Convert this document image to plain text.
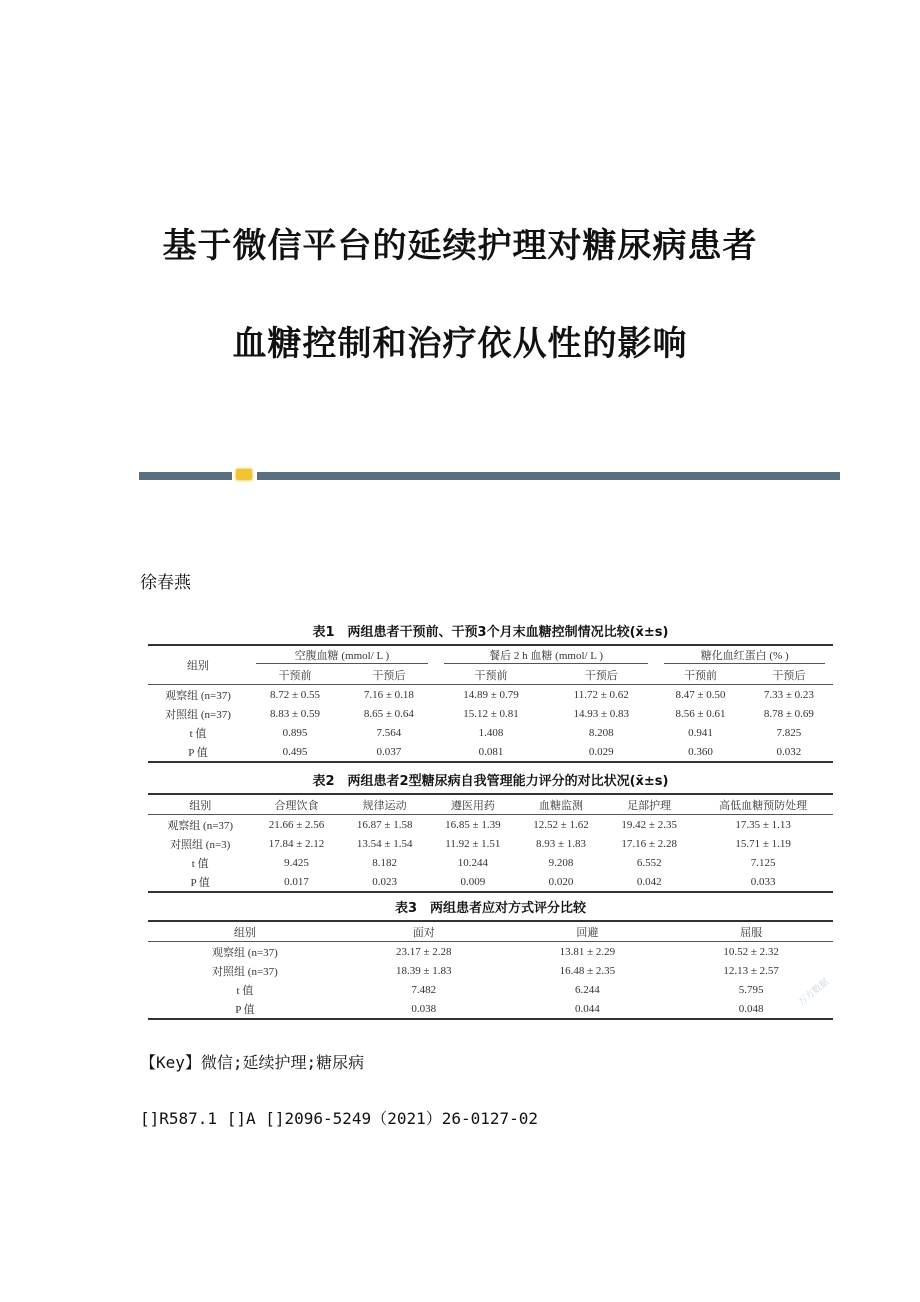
基于微信平台的延续护理对糖尿病患者
血糖控制和治疗依从性的影响
徐春燕
表1　两组患者干预前、干预3个月末血糖控制情况比较(x̄±s)
组别	空腹血糖 (mmol/ L )		餐后 2 h 血糖 (mmol/ L )		糖化血红蛋白 (% )	

	干预前	干预后	干预前	干预后	干预前	干预后
观察组 (n=37)	8.72 ± 0.55	7.16 ± 0.18	14.89 ± 0.79	11.72 ± 0.62	8.47 ± 0.50	7.33 ± 0.23
对照组 (n=37)	8.83 ± 0.59	8.65 ± 0.64	15.12 ± 0.81	14.93 ± 0.83	8.56 ± 0.61	8.78 ± 0.69
t 值	0.895	7.564	1.408	8.208	0.941	7.825
P 值	0.495	0.037	0.081	0.029	0.360	0.032
表2　两组患者2型糖尿病自我管理能力评分的对比状况(x̄±s)
组别	合理饮食	规律运动	遵医用药	血糖监测	足部护理	高低血糖预防处理
观察组 (n=37)	21.66 ± 2.56	16.87 ± 1.58	16.85 ± 1.39	12.52 ± 1.62	19.42 ± 2.35	17.35 ± 1.13
对照组 (n=3)	17.84 ± 2.12	13.54 ± 1.54	11.92 ± 1.51	8.93 ± 1.83	17.16 ± 2.28	15.71 ± 1.19
t 值	9.425	8.182	10.244	9.208	6.552	7.125
P 值	0.017	0.023	0.009	0.020	0.042	0.033
表3　两组患者应对方式评分比较
组别	面对	回避	屈服
观察组 (n=37)	23.17 ± 2.28	13.81 ± 2.29	10.52 ± 2.32
对照组 (n=37)	18.39 ± 1.83	16.48 ± 2.35	12.13 ± 2.57
t 值	7.482	6.244	5.795
P 值	0.038	0.044	0.048
万方数据
【Key】微信;延续护理;糖尿病
[]R587.1 []A []2096-5249（2021）26-0127-02
